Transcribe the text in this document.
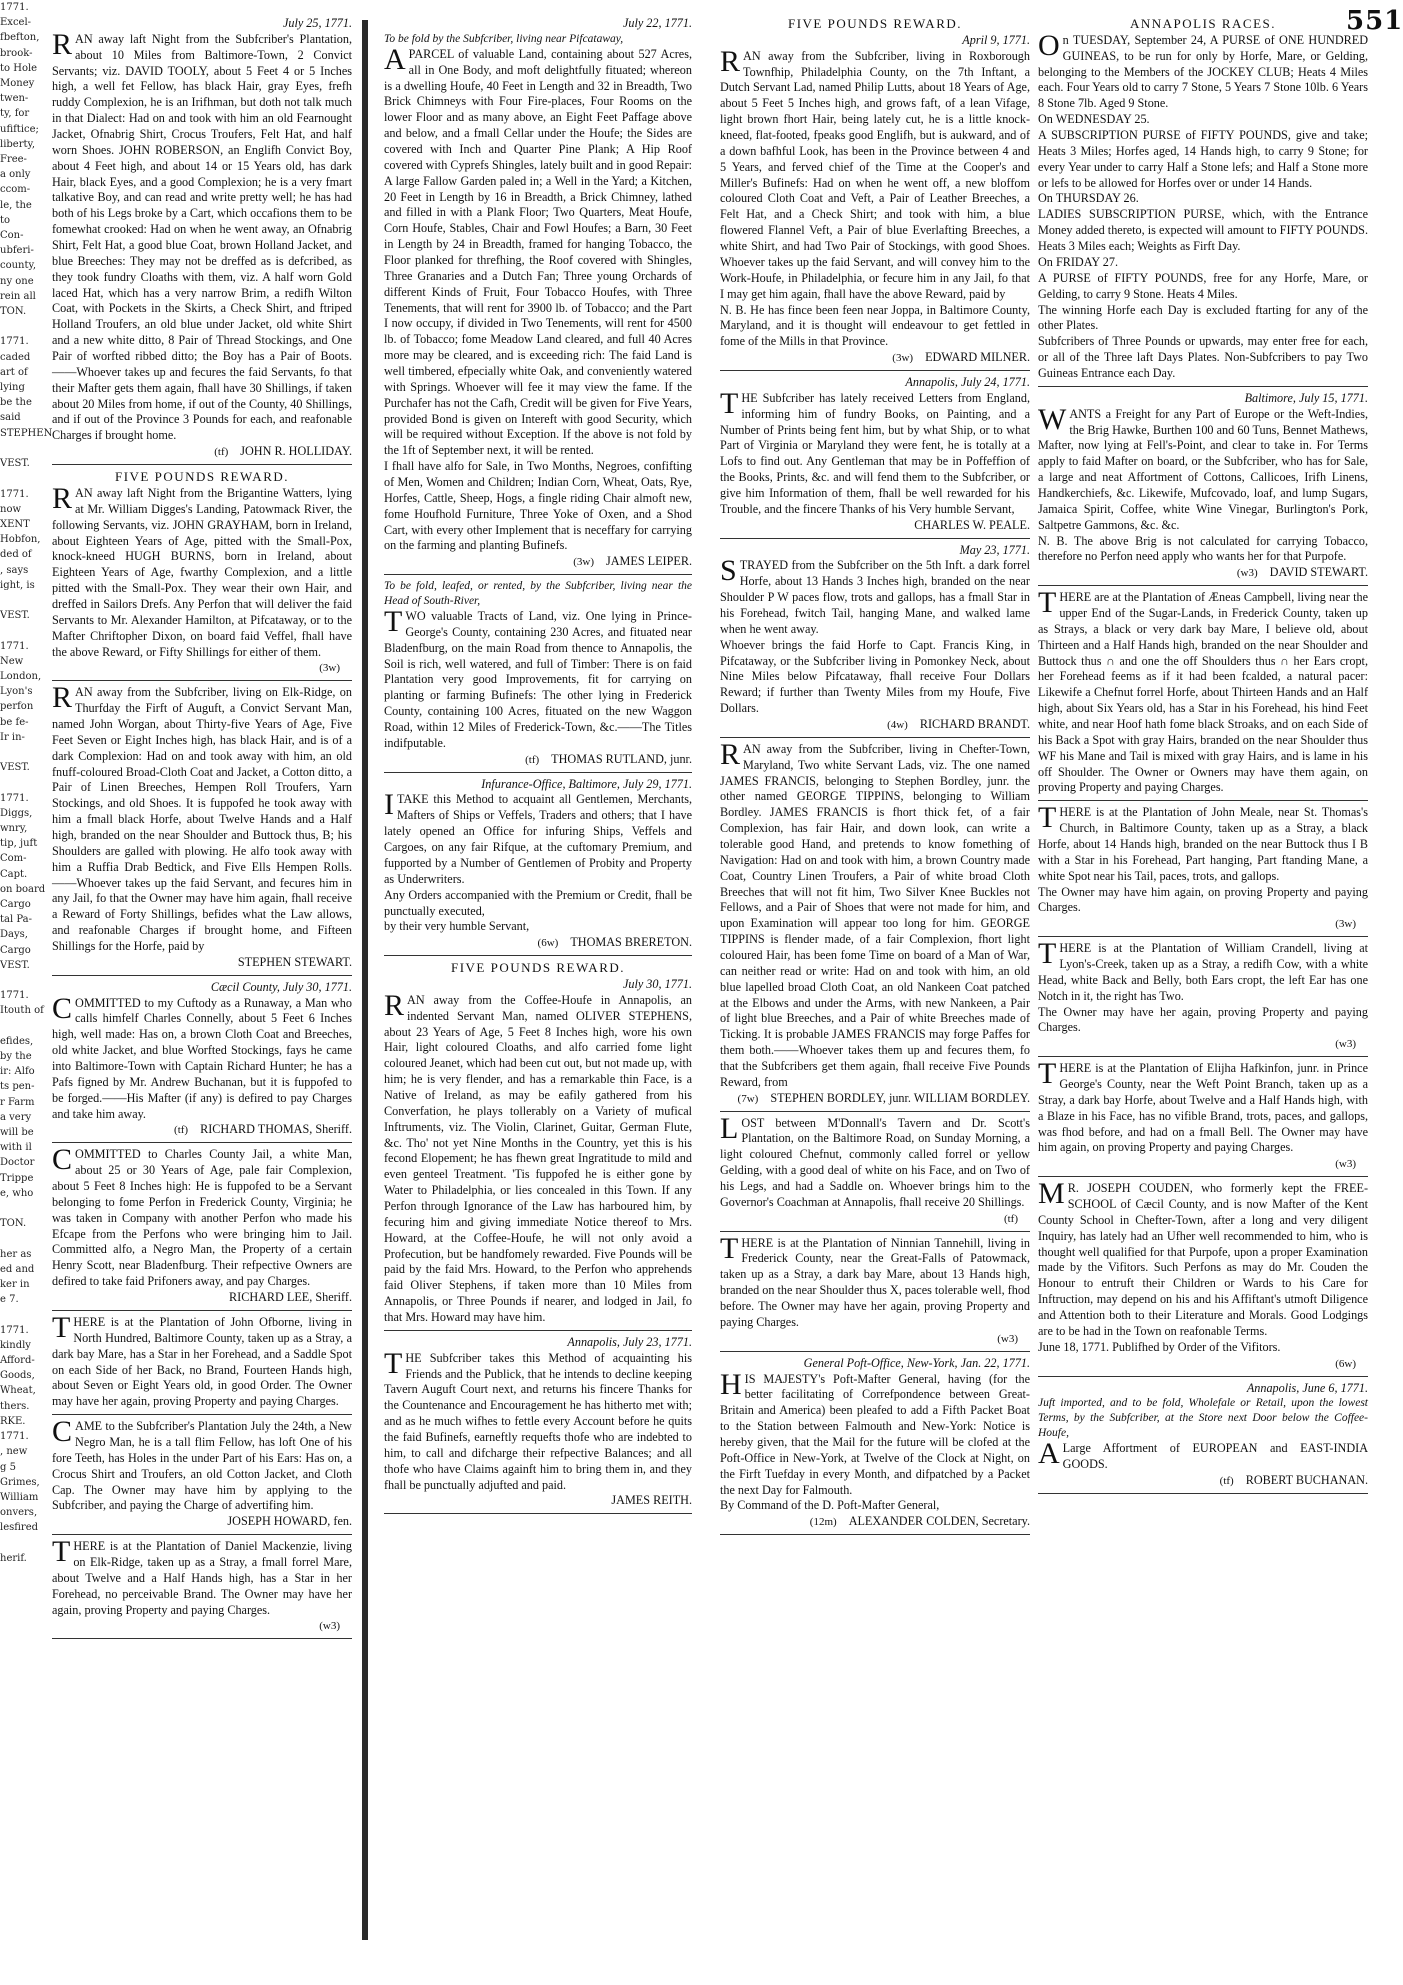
551
1771.
Excel-
fbefton,
brook-
to Hole
Money
twen-
ty, for
ufiftice;
liberty,
Free-
a only
ccom-
le, the
to
Con-
ubferi-
county,
ny one
rein all
TON.

1771.
caded
art of
lying
be the
said
STEPHEN

VEST.

1771.
now
XENT
Hobfon,
ded of
, says
ight, is

VEST.

1771.
New
London,
Lyon's
perfon
be fe-
Ir in-

VEST.

1771.
Diggs,
wnry,
tip, juft
Com-
Capt.
on board
Cargo
tal Pa-
Days,
Cargo
VEST.

1771.
Itouth of

efides,
by the
ir: Alfo
ts pen-
r Farm
a very
will be
with il
Doctor
Trippe
e, who

TON.

her as
ed and
ker in
e 7.

1771.
kindly
Afford-
Goods,
Wheat,
thers.
RKE.
1771.
, new
g 5
Grimes,
William
onvers,
lesfired

herif.

July 25, 1771.

RAN away laft Night from the Subfcriber's Plantation, about 10 Miles from Baltimore-Town, 2 Convict Servants; viz. DAVID TOOLY, about 5 Feet 4 or 5 Inches high, a well fet Fellow, has black Hair, gray Eyes, frefh ruddy Complexion, he is an Irifhman, but doth not talk much in that Dialect: Had on and took with him an old Fearnought Jacket, Ofnabrig Shirt, Crocus Troufers, Felt Hat, and half worn Shoes. JOHN ROBERSON, an Englifh Convict Boy, about 4 Feet high, and about 14 or 15 Years old, has dark Hair, black Eyes, and a good Complexion; he is a very fmart talkative Boy, and can read and write pretty well; he has had both of his Legs broke by a Cart, which occafions them to be fomewhat crooked: Had on when he went away, an Ofnabrig Shirt, Felt Hat, a good blue Coat, brown Holland Jacket, and blue Breeches: They may not be dreffed as is defcribed, as they took fundry Cloaths with them, viz. A half worn Gold laced Hat, which has a very narrow Brim, a redifh Wilton Coat, with Pockets in the Skirts, a Check Shirt, and ftriped Holland Troufers, an old blue under Jacket, old white Shirt and a new white ditto, 8 Pair of Thread Stockings, and One Pair of worfted ribbed ditto; the Boy has a Pair of Boots.——Whoever takes up and fecures the faid Servants, fo that their Mafter gets them again, fhall have 30 Shillings, if taken about 20 Miles from home, if out of the County, 40 Shillings, and if out of the Province 3 Pounds for each, and reafonable Charges if brought home.

(tf) JOHN R. HOLLIDAY.

FIVE POUNDS REWARD.

RAN away laft Night from the Brigantine Watters, lying at Mr. William Digges's Landing, Patowmack River, the following Servants, viz. JOHN GRAYHAM, born in Ireland, about Eighteen Years of Age, pitted with the Small-Pox, knock-kneed HUGH BURNS, born in Ireland, about Eighteen Years of Age, fwarthy Complexion, and a little pitted with the Small-Pox. They wear their own Hair, and dreffed in Sailors Drefs. Any Perfon that will deliver the faid Servants to Mr. Alexander Hamilton, at Pifcataway, or to the Mafter Chriftopher Dixon, on board faid Veffel, fhall have the above Reward, or Fifty Shillings for either of them.

(3w)

RAN away from the Subfcriber, living on Elk-Ridge, on Thurfday the Firft of Auguft, a Convict Servant Man, named John Worgan, about Thirty-five Years of Age, Five Feet Seven or Eight Inches high, has black Hair, and is of a dark Complexion: Had on and took away with him, an old fnuff-coloured Broad-Cloth Coat and Jacket, a Cotton ditto, a Pair of Linen Breeches, Hempen Roll Troufers, Yarn Stockings, and old Shoes. It is fuppofed he took away with him a fmall black Horfe, about Twelve Hands and a Half high, branded on the near Shoulder and Buttock thus, B; his Shoulders are galled with plowing. He alfo took away with him a Ruffia Drab Bedtick, and Five Ells Hempen Rolls.——Whoever takes up the faid Servant, and fecures him in any Jail, fo that the Owner may have him again, fhall receive a Reward of Forty Shillings, befides what the Law allows, and reafonable Charges if brought home, and Fifteen Shillings for the Horfe, paid by

STEPHEN STEWART.

Cæcil County, July 30, 1771.

COMMITTED to my Cuftody as a Runaway, a Man who calls himfelf Charles Connelly, about 5 Feet 6 Inches high, well made: Has on, a brown Cloth Coat and Breeches, old white Jacket, and blue Worfted Stockings, fays he came into Baltimore-Town with Captain Richard Hunter; he has a Pafs figned by Mr. Andrew Buchanan, but it is fuppofed to be forged.——His Mafter (if any) is defired to pay Charges and take him away.

(tf) RICHARD THOMAS, Sheriff.

COMMITTED to Charles County Jail, a white Man, about 25 or 30 Years of Age, pale fair Complexion, about 5 Feet 8 Inches high: He is fuppofed to be a Servant belonging to fome Perfon in Frederick County, Virginia; he was taken in Company with another Perfon who made his Efcape from the Perfons who were bringing him to Jail. Committed alfo, a Negro Man, the Property of a certain Henry Scott, near Bladenfburg. Their refpective Owners are defired to take faid Prifoners away, and pay Charges.

RICHARD LEE, Sheriff.

THERE is at the Plantation of John Ofborne, living in North Hundred, Baltimore County, taken up as a Stray, a dark bay Mare, has a Star in her Forehead, and a Saddle Spot on each Side of her Back, no Brand, Fourteen Hands high, about Seven or Eight Years old, in good Order. The Owner may have her again, proving Property and paying Charges.

CAME to the Subfcriber's Plantation July the 24th, a New Negro Man, he is a tall flim Fellow, has loft One of his fore Teeth, has Holes in the under Part of his Ears: Has on, a Crocus Shirt and Troufers, an old Cotton Jacket, and Cloth Cap. The Owner may have him by applying to the Subfcriber, and paying the Charge of advertifing him.

JOSEPH HOWARD, fen.

THERE is at the Plantation of Daniel Mackenzie, living on Elk-Ridge, taken up as a Stray, a fmall forrel Mare, about Twelve and a Half Hands high, has a Star in her Forehead, no perceivable Brand. The Owner may have her again, proving Property and paying Charges.

(w3)

July 22, 1771.

To be fold by the Subfcriber, living near Pifcataway,

APARCEL of valuable Land, containing about 527 Acres, all in One Body, and moft delightfully fituated; whereon is a dwelling Houfe, 40 Feet in Length and 32 in Breadth, Two Brick Chimneys with Four Fire-places, Four Rooms on the lower Floor and as many above, an Eight Feet Paffage above and below, and a fmall Cellar under the Houfe; the Sides are covered with Inch and Quarter Pine Plank; A Hip Roof covered with Cyprefs Shingles, lately built and in good Repair: A large Fallow Garden paled in; a Well in the Yard; a Kitchen, 20 Feet in Length by 16 in Breadth, a Brick Chimney, lathed and filled in with a Plank Floor; Two Quarters, Meat Houfe, Corn Houfe, Stables, Chair and Fowl Houfes; a Barn, 30 Feet in Length by 24 in Breadth, framed for hanging Tobacco, the Floor planked for threfhing, the Roof covered with Shingles, Three Granaries and a Dutch Fan; Three young Orchards of different Kinds of Fruit, Four Tobacco Houfes, with Three Tenements, that will rent for 3900 lb. of Tobacco; and the Part I now occupy, if divided in Two Tenements, will rent for 4500 lb. of Tobacco; fome Meadow Land cleared, and full 40 Acres more may be cleared, and is exceeding rich: The faid Land is well timbered, efpecially white Oak, and conveniently watered with Springs. Whoever will fee it may view the fame. If the Purchafer has not the Cafh, Credit will be given for Five Years, provided Bond is given on Intereft with good Security, which will be required without Exception. If the above is not fold by the 1ft of September next, it will be rented.
I fhall have alfo for Sale, in Two Months, Negroes, confifting of Men, Women and Children; Indian Corn, Wheat, Oats, Rye, Horfes, Cattle, Sheep, Hogs, a fingle riding Chair almoft new, fome Houfhold Furniture, Three Yoke of Oxen, and a Shod Cart, with every other Implement that is neceffary for carrying on the farming and planting Bufinefs.

(3w) JAMES LEIPER.

To be fold, leafed, or rented, by the Subfcriber, living near the Head of South-River,

TWO valuable Tracts of Land, viz. One lying in Prince-George's County, containing 230 Acres, and fituated near Bladenfburg, on the main Road from thence to Annapolis, the Soil is rich, well watered, and full of Timber: There is on faid Plantation very good Improvements, fit for carrying on planting or farming Bufinefs: The other lying in Frederick County, containing 100 Acres, fituated on the new Waggon Road, within 12 Miles of Frederick-Town, &c.——The Titles indifputable.

(tf) THOMAS RUTLAND, junr.

Infurance-Office, Baltimore, July 29, 1771.

ITAKE this Method to acquaint all Gentlemen, Merchants, Mafters of Ships or Veffels, Traders and others; that I have lately opened an Office for infuring Ships, Veffels and Cargoes, on any fair Rifque, at the cuftomary Premium, and fupported by a Number of Gentlemen of Probity and Property as Underwriters.
Any Orders accompanied with the Premium or Credit, fhall be punctually executed,
by their very humble Servant,

(6w) THOMAS BRERETON.

FIVE POUNDS REWARD.

July 30, 1771.

RAN away from the Coffee-Houfe in Annapolis, an indented Servant Man, named OLIVER STEPHENS, about 23 Years of Age, 5 Feet 8 Inches high, wore his own Hair, light coloured Cloaths, and alfo carried fome light coloured Jeanet, which had been cut out, but not made up, with him; he is very flender, and has a remarkable thin Face, is a Native of Ireland, as may be eafily gathered from his Converfation, he plays tollerably on a Variety of mufical Inftruments, viz. The Violin, Clarinet, Guitar, German Flute, &c. Tho' not yet Nine Months in the Country, yet this is his fecond Elopement; he has fhewn great Ingratitude to mild and even genteel Treatment. 'Tis fuppofed he is either gone by Water to Philadelphia, or lies concealed in this Town. If any Perfon through Ignorance of the Law has harboured him, by fecuring him and giving immediate Notice thereof to Mrs. Howard, at the Coffee-Houfe, he will not only avoid a Profecution, but be handfomely rewarded. Five Pounds will be paid by the faid Mrs. Howard, to the Perfon who apprehends faid Oliver Stephens, if taken more than 10 Miles from Annapolis, or Three Pounds if nearer, and lodged in Jail, fo that Mrs. Howard may have him.

Annapolis, July 23, 1771.

THE Subfcriber takes this Method of acquainting his Friends and the Publick, that he intends to decline keeping Tavern Auguft Court next, and returns his fincere Thanks for the Countenance and Encouragement he has hitherto met with; and as he much wifhes to fettle every Account before he quits the faid Bufinefs, earneftly requefts thofe who are indebted to him, to call and difcharge their refpective Balances; and all thofe who have Claims againft him to bring them in, and they fhall be punctually adjufted and paid.

JAMES REITH.

FIVE POUNDS REWARD.

April 9, 1771.

RAN away from the Subfcriber, living in Roxborough Townfhip, Philadelphia County, on the 7th Inftant, a Dutch Servant Lad, named Philip Lutts, about 18 Years of Age, about 5 Feet 5 Inches high, and grows faft, of a lean Vifage, light brown fhort Hair, being lately cut, he is a little knock-kneed, flat-footed, fpeaks good Englifh, but is aukward, and of a down bafhful Look, has been in the Province between 4 and 5 Years, and ferved chief of the Time at the Cooper's and Miller's Bufinefs: Had on when he went off, a new bloffom coloured Cloth Coat and Veft, a Pair of Leather Breeches, a Felt Hat, and a Check Shirt; and took with him, a blue flowered Flannel Veft, a Pair of blue Everlafting Breeches, a white Shirt, and had Two Pair of Stockings, with good Shoes. Whoever takes up the faid Servant, and will convey him to the Work-Houfe, in Philadelphia, or fecure him in any Jail, fo that I may get him again, fhall have the above Reward, paid by
N. B. He has fince been feen near Joppa, in Baltimore County, Maryland, and it is thought will endeavour to get fettled in fome of the Mills in that Province.

(3w) EDWARD MILNER.

Annapolis, July 24, 1771.

THE Subfcriber has lately received Letters from England, informing him of fundry Books, on Painting, and a Number of Prints being fent him, but by what Ship, or to what Part of Virginia or Maryland they were fent, he is totally at a Lofs to find out. Any Gentleman that may be in Poffeffion of the Books, Prints, &c. and will fend them to the Subfcriber, or give him Information of them, fhall be well rewarded for his Trouble, and the fincere Thanks of his Very humble Servant,

CHARLES W. PEALE.

May 23, 1771.

STRAYED from the Subfcriber on the 5th Inft. a dark forrel Horfe, about 13 Hands 3 Inches high, branded on the near Shoulder P W paces flow, trots and gallops, has a fmall Star in his Forehead, fwitch Tail, hanging Mane, and walked lame when he went away.
Whoever brings the faid Horfe to Capt. Francis King, in Pifcataway, or the Subfcriber living in Pomonkey Neck, about Nine Miles below Pifcataway, fhall receive Four Dollars Reward; if further than Twenty Miles from my Houfe, Five Dollars.

(4w) RICHARD BRANDT.

RAN away from the Subfcriber, living in Chefter-Town, Maryland, Two white Servant Lads, viz. The one named JAMES FRANCIS, belonging to Stephen Bordley, junr. the other named GEORGE TIPPINS, belonging to William Bordley. JAMES FRANCIS is fhort thick fet, of a fair Complexion, has fair Hair, and down look, can write a tolerable good Hand, and pretends to know fomething of Navigation: Had on and took with him, a brown Country made Coat, Country Linen Troufers, a Pair of white broad Cloth Breeches that will not fit him, Two Silver Knee Buckles not Fellows, and a Pair of Shoes that were not made for him, and upon Examination will appear too long for him. GEORGE TIPPINS is flender made, of a fair Complexion, fhort light coloured Hair, has been fome Time on board of a Man of War, can neither read or write: Had on and took with him, an old blue lapelled broad Cloth Coat, an old Nankeen Coat patched at the Elbows and under the Arms, with new Nankeen, a Pair of light blue Breeches, and a Pair of white Breeches made of Ticking. It is probable JAMES FRANCIS may forge Paffes for them both.——Whoever takes them up and fecures them, fo that the Subfcribers get them again, fhall receive Five Pounds Reward, from

(7w) STEPHEN BORDLEY, junr. WILLIAM BORDLEY.

LOST between M'Donnall's Tavern and Dr. Scott's Plantation, on the Baltimore Road, on Sunday Morning, a light coloured Chefnut, commonly called forrel or yellow Gelding, with a good deal of white on his Face, and on Two of his Legs, and had a Saddle on. Whoever brings him to the Governor's Coachman at Annapolis, fhall receive 20 Shillings.

(tf)

THERE is at the Plantation of Ninnian Tannehill, living in Frederick County, near the Great-Falls of Patowmack, taken up as a Stray, a dark bay Mare, about 13 Hands high, branded on the near Shoulder thus X, paces tolerable well, fhod before. The Owner may have her again, proving Property and paying Charges.

(w3)

General Poft-Office, New-York, Jan. 22, 1771.

HIS MAJESTY's Poft-Mafter General, having (for the better facilitating of Correfpondence between Great-Britain and America) been pleafed to add a Fifth Packet Boat to the Station between Falmouth and New-York: Notice is hereby given, that the Mail for the future will be clofed at the Poft-Office in New-York, at Twelve of the Clock at Night, on the Firft Tuefday in every Month, and difpatched by a Packet the next Day for Falmouth.
By Command of the D. Poft-Mafter General,

(12m) ALEXANDER COLDEN, Secretary.

ANNAPOLIS RACES.

On TUESDAY, September 24, A PURSE of ONE HUNDRED GUINEAS, to be run for only by Horfe, Mare, or Gelding, belonging to the Members of the JOCKEY CLUB; Heats 4 Miles each. Four Years old to carry 7 Stone, 5 Years 7 Stone 10lb. 6 Years 8 Stone 7lb. Aged 9 Stone.
On WEDNESDAY 25.
A SUBSCRIPTION PURSE of FIFTY POUNDS, give and take; Heats 3 Miles; Horfes aged, 14 Hands high, to carry 9 Stone; for every Year under to carry Half a Stone lefs; and Half a Stone more or lefs to be allowed for Horfes over or under 14 Hands.
On THURSDAY 26.
LADIES SUBSCRIPTION PURSE, which, with the Entrance Money added thereto, is expected will amount to FIFTY POUNDS. Heats 3 Miles each; Weights as Firft Day.
On FRIDAY 27.
A PURSE of FIFTY POUNDS, free for any Horfe, Mare, or Gelding, to carry 9 Stone. Heats 4 Miles.
The winning Horfe each Day is excluded ftarting for any of the other Plates.
Subfcribers of Three Pounds or upwards, may enter free for each, or all of the Three laft Days Plates. Non-Subfcribers to pay Two Guineas Entrance each Day.

Baltimore, July 15, 1771.

WANTS a Freight for any Part of Europe or the Weft-Indies, the Brig Hawke, Burthen 100 and 60 Tuns, Bennet Mathews, Mafter, now lying at Fell's-Point, and clear to take in. For Terms apply to faid Mafter on board, or the Subfcriber, who has for Sale, a large and neat Affortment of Cottons, Callicoes, Irifh Linens, Handkerchiefs, &c. Likewife, Mufcovado, loaf, and lump Sugars, Jamaica Spirit, Coffee, white Wine Vinegar, Burlington's Pork, Saltpetre Gammons, &c. &c.
N. B. The above Brig is not calculated for carrying Tobacco, therefore no Perfon need apply who wants her for that Purpofe.

(w3) DAVID STEWART.

THERE are at the Plantation of Æneas Campbell, living near the upper End of the Sugar-Lands, in Frederick County, taken up as Strays, a black or very dark bay Mare, I believe old, about Thirteen and a Half Hands high, branded on the near Shoulder and Buttock thus ∩ and one the off Shoulders thus ∩ her Ears cropt, her Forehead feems as if it had been fcalded, a natural pacer: Likewife a Chefnut forrel Horfe, about Thirteen Hands and an Half high, about Six Years old, has a Star in his Forehead, his hind Feet white, and near Hoof hath fome black Stroaks, and on each Side of his Back a Spot with gray Hairs, branded on the near Shoulder thus WF his Mane and Tail is mixed with gray Hairs, and is lame in his off Shoulder. The Owner or Owners may have them again, on proving Property and paying Charges.

THERE is at the Plantation of John Meale, near St. Thomas's Church, in Baltimore County, taken up as a Stray, a black Horfe, about 14 Hands high, branded on the near Buttock thus I B with a Star in his Forehead, Part hanging, Part ftanding Mane, a white Spot near his Tail, paces, trots, and gallops.
The Owner may have him again, on proving Property and paying Charges.

(3w)

THERE is at the Plantation of William Crandell, living at Lyon's-Creek, taken up as a Stray, a redifh Cow, with a white Head, white Back and Belly, both Ears cropt, the left Ear has one Notch in it, the right has Two.
The Owner may have her again, proving Property and paying Charges.

(w3)

THERE is at the Plantation of Elijha Hafkinfon, junr. in Prince George's County, near the Weft Point Branch, taken up as a Stray, a dark bay Horfe, about Twelve and a Half Hands high, with a Blaze in his Face, has no vifible Brand, trots, paces, and gallops, was fhod before, and had on a fmall Bell. The Owner may have him again, on proving Property and paying Charges.

(w3)

MR. JOSEPH COUDEN, who formerly kept the FREE-SCHOOL of Cæcil County, and is now Mafter of the Kent County School in Chefter-Town, after a long and very diligent Inquiry, has lately had an Ufher well recommended to him, who is thought well qualified for that Purpofe, upon a proper Examination made by the Vifitors. Such Perfons as may do Mr. Couden the Honour to entruft their Children or Wards to his Care for Inftruction, may depend on his and his Affiftant's utmoft Diligence and Attention both to their Literature and Morals. Good Lodgings are to be had in the Town on reafonable Terms.
June 18, 1771. Publifhed by Order of the Vifitors.

(6w)

Annapolis, June 6, 1771.

Juft imported, and to be fold, Wholefale or Retail, upon the lowest Terms, by the Subfcriber, at the Store next Door below the Coffee-Houfe,

ALarge Affortment of EUROPEAN and EAST-INDIA GOODS.

(tf) ROBERT BUCHANAN.
